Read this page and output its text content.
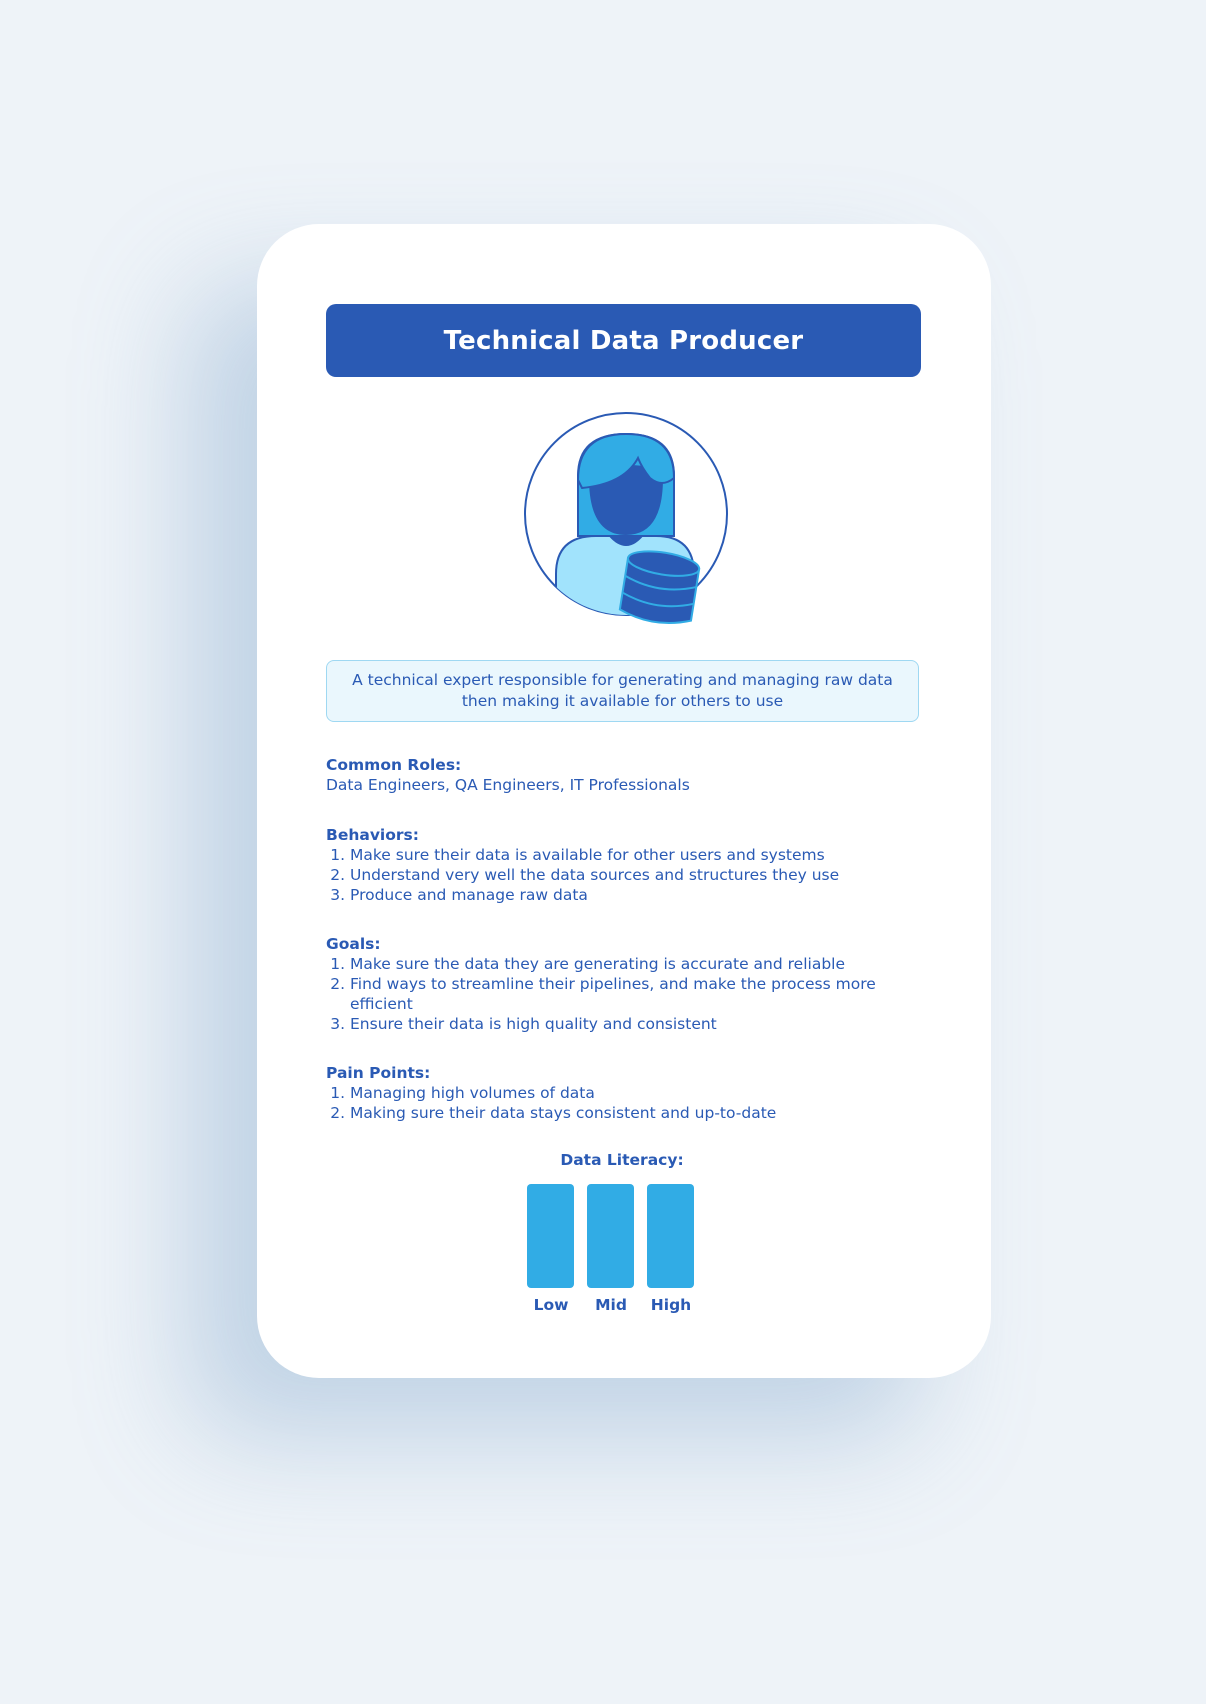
Technical Data Producer
A technical expert responsible for generating and managing raw data then making it available for others to use
Common Roles:

Data Engineers, QA Engineers, IT Professionals

Behaviors:
1. Make sure their data is available for other users and systems
2. Understand very well the data sources and structures they use
3. Produce and manage raw data
Goals:
1. Make sure the data they are generating is accurate and reliable
2. Find ways to streamline their pipelines, and make the process more efficient
3. Ensure their data is high quality and consistent
Pain Points:
1. Managing high volumes of data
2. Making sure their data stays consistent and up-to-date
Data Literacy:
Low	Mid	High
